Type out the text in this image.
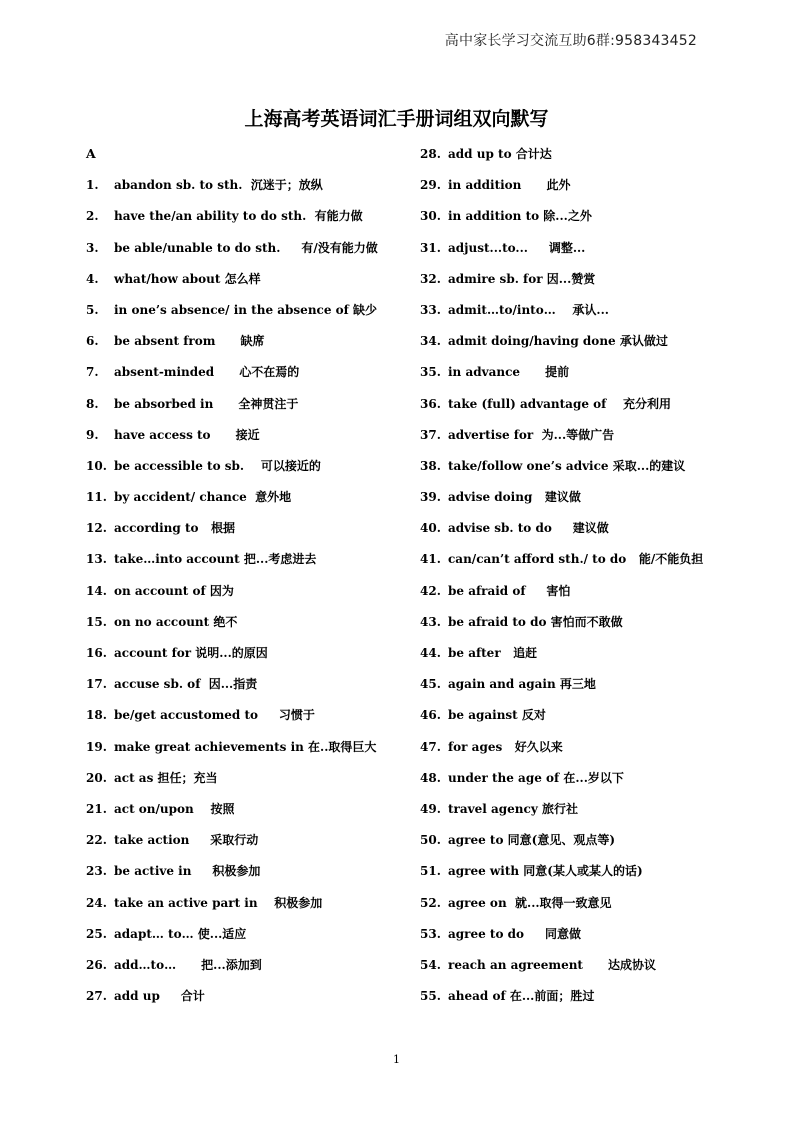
高中家长学习交流互助6群:958343452
上海高考英语词汇手册词组双向默写
A
1.	abandon sb. to sth.  沉迷于；放纵
2.	have the/an ability to do sth.  有能力做
3.	be able/unable to do sth.     有/没有能力做
4.	what/how about 怎么样
5.	in one’s absence/ in the absence of 缺少
6.	be absent from      缺席
7.	absent-minded      心不在焉的
8.	be absorbed in      全神贯注于
9.	have access to      接近
10. be accessible to sb.    可以接近的
11. by accident/ chance  意外地
12. according to   根据
13. take…into account 把...考虑进去
14. on account of 因为
15. on no account 绝不
16. account for 说明...的原因
17. accuse sb. of  因...指责
18. be/get accustomed to     习惯于
19. make great achievements in 在..取得巨大
20. act as 担任；充当
21. act on/upon    按照
22. take action     采取行动
23. be active in     积极参加
24. take an active part in    积极参加
25. adapt… to… 使...适应
26. add…to…      把...添加到
27. add up     合计
28. add up to 合计达
29. in addition      此外
30. in addition to 除...之外
31. adjust...to...     调整...
32. admire sb. for 因...赞赏
33. admit…to/into…    承认...
34. admit doing/having done 承认做过
35. in advance      提前
36. take (full) advantage of    充分利用
37. advertise for  为...等做广告
38. take/follow one’s advice 采取...的建议
39. advise doing   建议做
40. advise sb. to do     建议做
41. can/can’t afford sth./ to do   能/不能负担
42. be afraid of     害怕
43. be afraid to do 害怕而不敢做
44. be after   追赶
45. again and again 再三地
46. be against 反对
47. for ages   好久以来
48. under the age of 在...岁以下
49. travel agency 旅行社
50. agree to 同意(意见、观点等)
51. agree with 同意(某人或某人的话)
52. agree on  就...取得一致意见
53. agree to do     同意做
54. reach an agreement      达成协议
55. ahead of 在...前面；胜过
1
